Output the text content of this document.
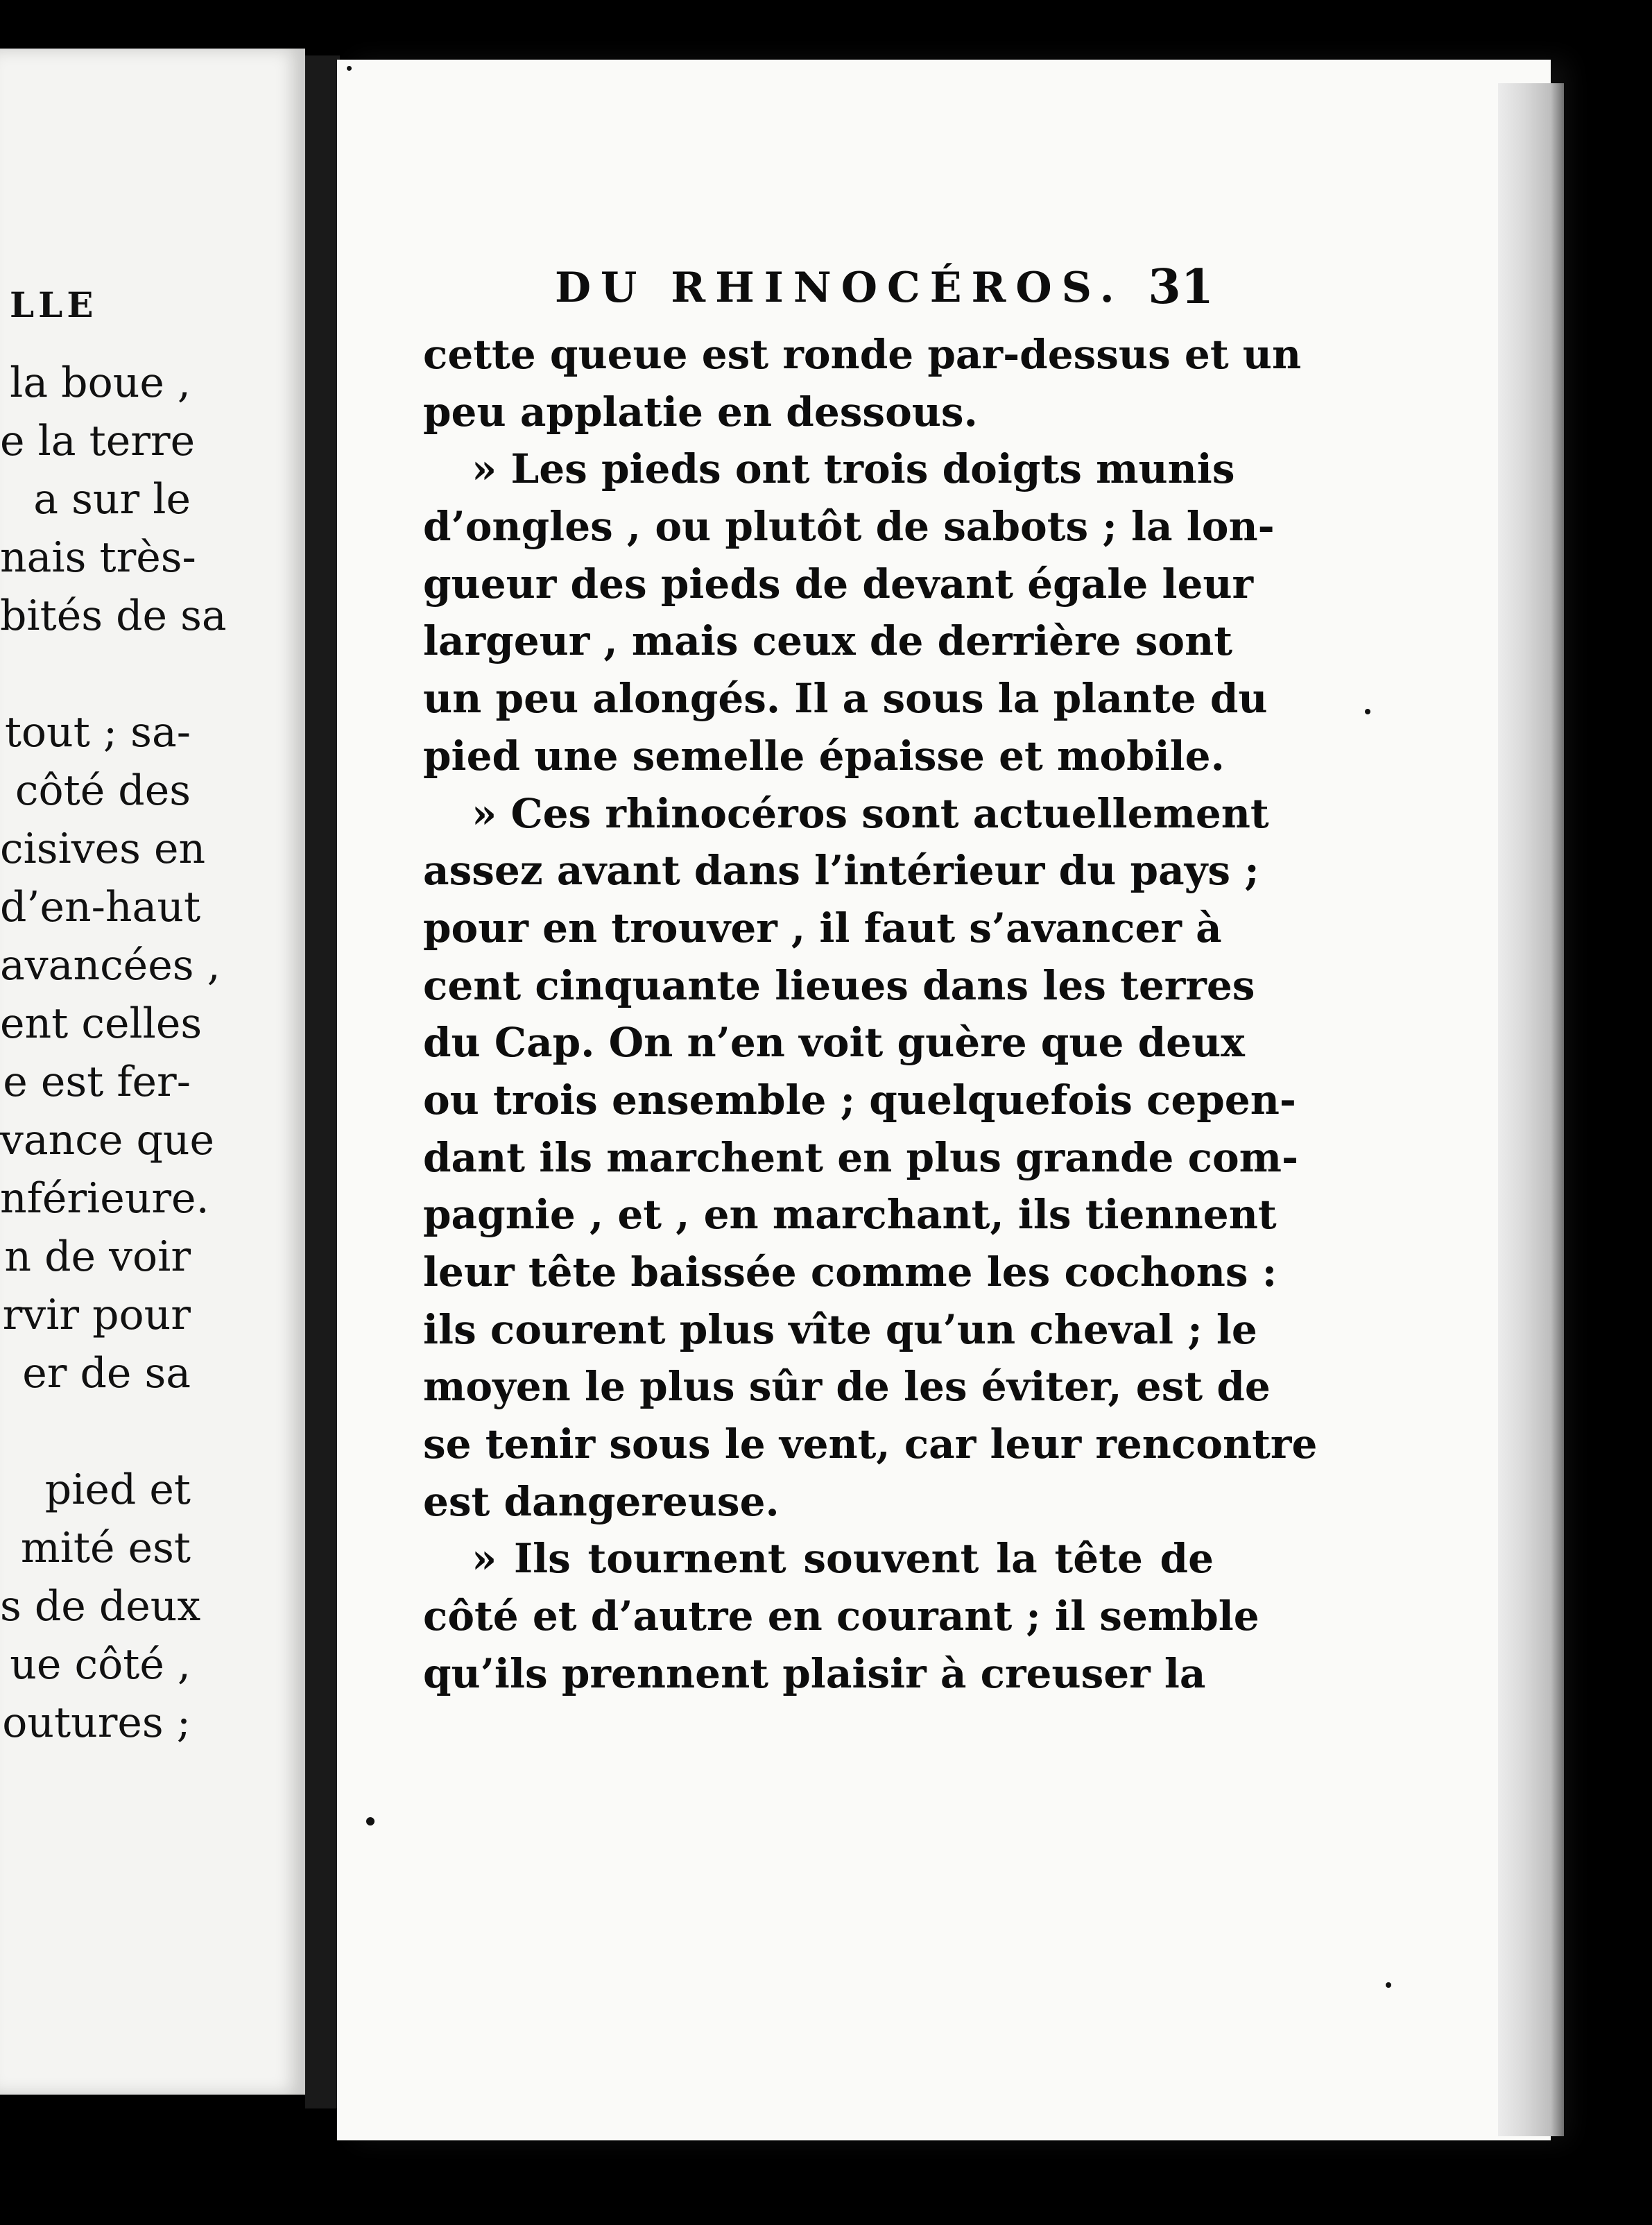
LLE
la boue ,
e la terre
a sur le
nais très-
bités de sa
tout ; sa-
côté des
cisives en
d’en-haut
avancées ,
ent celles
e est fer-
vance que
nférieure.
n de voir
rvir pour
er de sa
pied et
mité est
s de deux
ue côté ,
outures ;
DU RHINOCÉROS. 31
cette queue est ronde par-dessus et un
peu applatie en dessous.
» Les pieds ont trois doigts munis
d’ongles , ou plutôt de sabots ; la lon-
gueur des pieds de devant égale leur
largeur , mais ceux de derrière sont
un peu alongés. Il a sous la plante du
pied une semelle épaisse et mobile.
» Ces rhinocéros sont actuellement
assez avant dans l’intérieur du pays ;
pour en trouver , il faut s’avancer à
cent cinquante lieues dans les terres
du Cap. On n’en voit guère que deux
ou trois ensemble ; quelquefois cepen-
dant ils marchent en plus grande com-
pagnie , et , en marchant, ils tiennent
leur tête baissée comme les cochons :
ils courent plus vîte qu’un cheval ; le
moyen le plus sûr de les éviter, est de
se tenir sous le vent, car leur rencontre
est dangereuse.
» Ils tournent souvent la tête de
côté et d’autre en courant ; il semble
qu’ils prennent plaisir à creuser la
